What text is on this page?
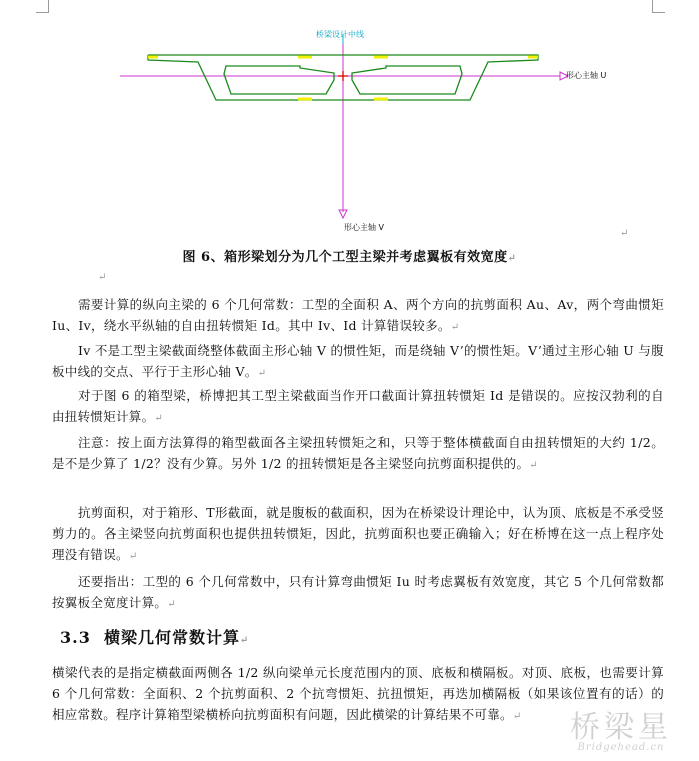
桥梁设计中线
形心主轴 U
形心主轴 V
↵
图 6、箱形梁划分为几个工型主梁并考虑翼板有效宽度↵
↵
需要计算的纵向主梁的 6 个几何常数：工型的全面积 A、两个方向的抗剪面积 Au、Av，两个弯曲惯矩 Iu、Iv，绕水平纵轴的自由扭转惯矩 Id。其中 Iv、Id 计算错误较多。↵
Iv 不是工型主梁截面绕整体截面主形心轴 V 的惯性矩，而是绕轴 V’的惯性矩。V’通过主形心轴 U 与腹板中线的交点、平行于主形心轴 V。↵
对于图 6 的箱型梁，桥博把其工型主梁截面当作开口截面计算扭转惯矩 Id 是错误的。应按汉勃利的自由扭转惯矩计算。↵
注意：按上面方法算得的箱型截面各主梁扭转惯矩之和，只等于整体横截面自由扭转惯矩的大约 1/2。是不是少算了 1/2？没有少算。另外 1/2 的扭转惯矩是各主梁竖向抗剪面积提供的。↵
抗剪面积，对于箱形、T形截面，就是腹板的截面积，因为在桥梁设计理论中，认为顶、底板是不承受竖剪力的。各主梁竖向抗剪面积也提供扭转惯矩，因此，抗剪面积也要正确输入；好在桥博在这一点上程序处理没有错误。↵
还要指出：工型的 6 个几何常数中，只有计算弯曲惯矩 Iu 时考虑翼板有效宽度，其它 5 个几何常数都按翼板全宽度计算。↵
3.3 横梁几何常数计算↵
横梁代表的是指定横截面两侧各 1/2 纵向梁单元长度范围内的顶、底板和横隔板。对顶、底板，也需要计算 6 个几何常数：全面积、2 个抗剪面积、2 个抗弯惯矩、抗扭惯矩，再迭加横隔板（如果该位置有的话）的相应常数。程序计算箱型梁横桥向抗剪面积有问题，因此横梁的计算结果不可靠。↵	桥梁星
Bridgehead.cn
